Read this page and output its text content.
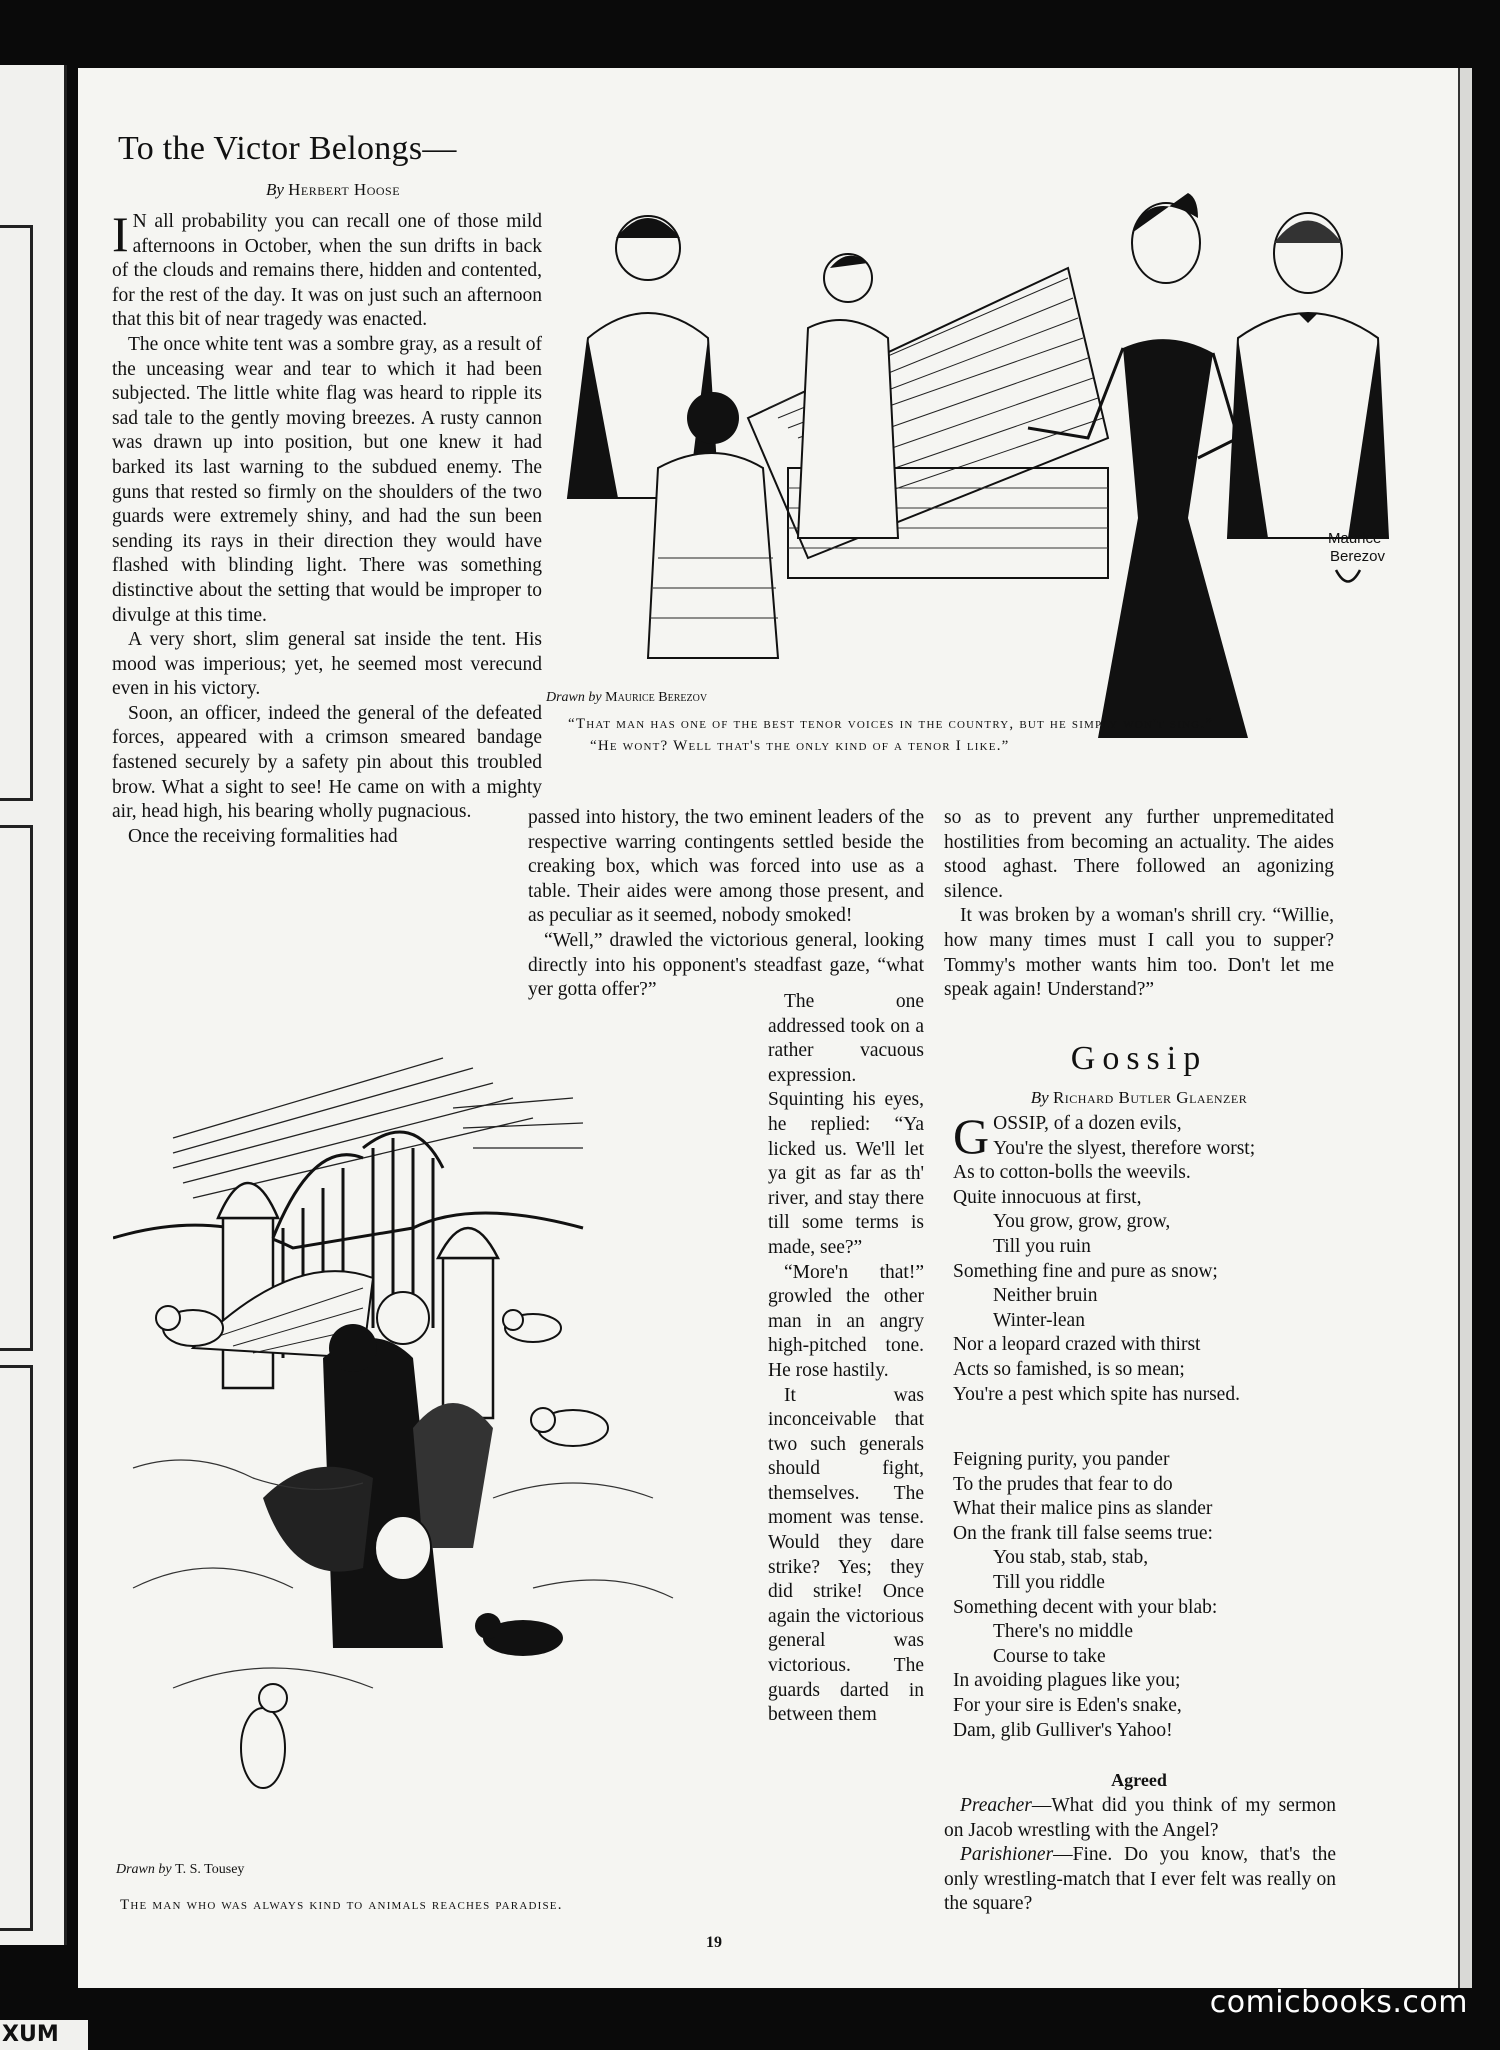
To the Victor Belongs—
By Herbert Hoose

I N all probability you can recall one of those mild afternoons in October, when the sun drifts in back of the clouds and remains there, hidden and contented, for the rest of the day. It was on just such an afternoon that this bit of near tragedy was enacted.

The once white tent was a sombre gray, as a result of the unceasing wear and tear to which it had been subjected. The little white flag was heard to ripple its sad tale to the gently moving breezes. A rusty cannon was drawn up into position, but one knew it had barked its last warning to the subdued enemy. The guns that rested so firmly on the shoulders of the two guards were extremely shiny, and had the sun been sending its rays in their direction they would have flashed with blinding light. There was something distinctive about the setting that would be improper to divulge at this time.

A very short, slim general sat inside the tent. His mood was imperious; yet, he seemed most verecund even in his victory.

Soon, an officer, indeed the general of the defeated forces, appeared with a crimson smeared bandage fastened securely by a safety pin about this troubled brow. What a sight to see! He came on with a mighty air, head high, his bearing wholly pugnacious.

Once the receiving formalities had

Maurice
Berezov
Drawn by Maurice Berezov
“That man has one of the best tenor voices in the country, but he simply won't sing.”
“He wont? Well that's the only kind of a tenor I like.”

passed into history, the two eminent leaders of the respective warring contingents settled beside the creaking box, which was forced into use as a table. Their aides were among those present, and as peculiar as it seemed, nobody smoked!

“Well,” drawled the victorious general, looking directly into his opponent's steadfast gaze, “what yer gotta offer?”

so as to prevent any further unpremeditated hostilities from becoming an actuality. The aides stood aghast. There followed an agonizing silence.

It was broken by a woman's shrill cry. “Willie, how many times must I call you to supper? Tommy's mother wants him too. Don't let me speak again! Understand?”

Drawn by T. S. Tousey
The man who was always kind to animals reaches paradise.

The one addressed took on a rather vacuous expression. Squinting his eyes, he replied: “Ya licked us. We'll let ya git as far as th' river, and stay there till some terms is made, see?”

“More'n that!” growled the other man in an angry high-pitched tone. He rose hastily.

It was inconceivable that two such generals should fight, themselves. The moment was tense. Would they dare strike? Yes; they did strike! Once again the victorious general was victorious. The guards darted in between them

Gossip
By Richard Butler Glaenzer
G OSSIP, of a dozen evils,
You're the slyest, therefore worst;
As to cotton-bolls the weevils.
Quite innocuous at first,
You grow, grow, grow,
Till you ruin
Something fine and pure as snow;
Neither bruin
Winter-lean
Nor a leopard crazed with thirst
Acts so famished, is so mean;
You're a pest which spite has nursed.
Feigning purity, you pander
To the prudes that fear to do
What their malice pins as slander
On the frank till false seems true:
You stab, stab, stab,
Till you riddle
Something decent with your blab:
There's no middle
Course to take
In avoiding plagues like you;
For your sire is Eden's snake,
Dam, glib Gulliver's Yahoo!
Agreed

Preacher—What did you think of my sermon on Jacob wrestling with the Angel?

Parishioner—Fine. Do you know, that's the only wrestling-match that I ever felt was really on the square?

19
comicbooks.com
XUM
